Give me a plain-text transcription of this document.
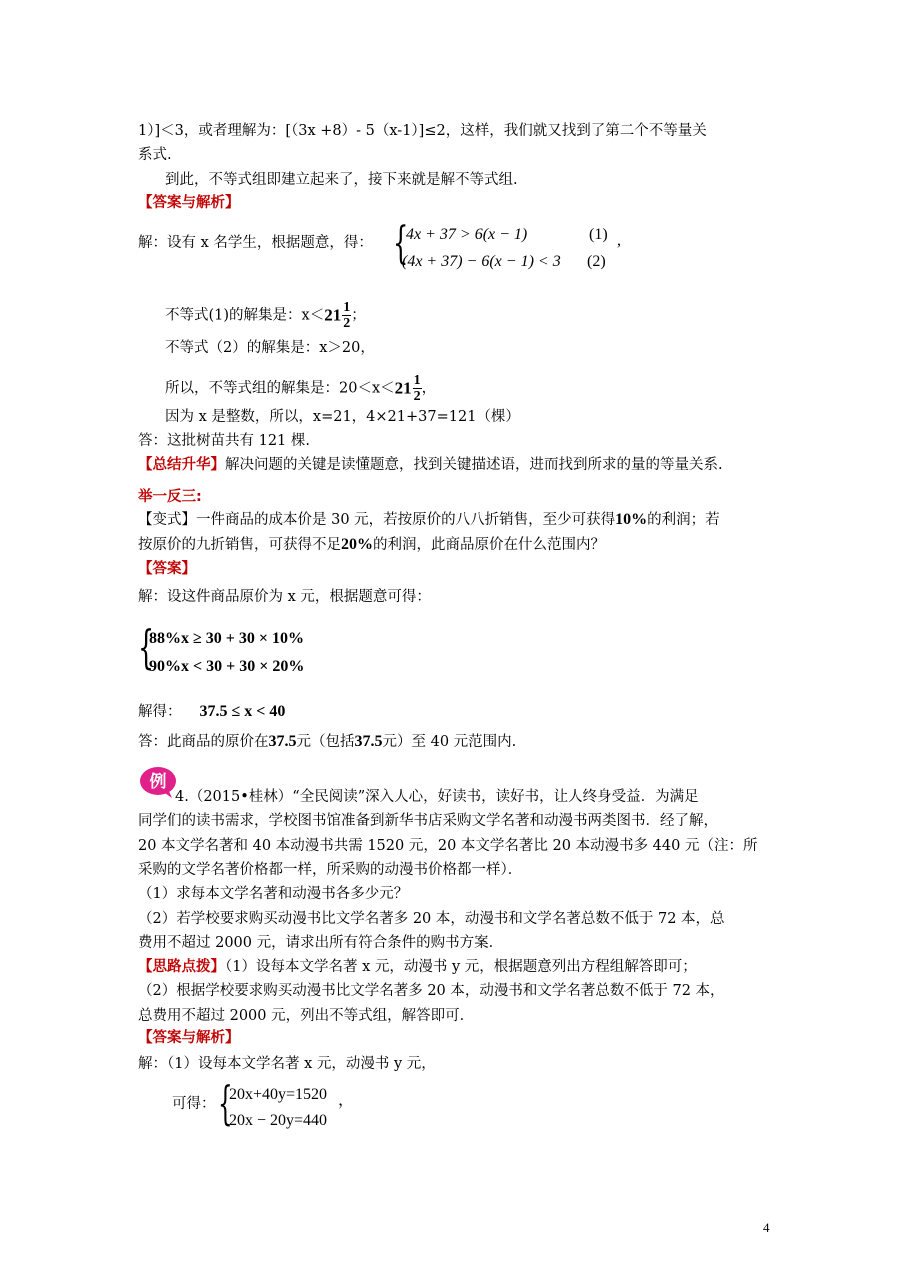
1）]＜3，或者理解为：[（3x +8）- 5（x-1）]≤2，这样，我们就又找到了第二个不等量关
系式.
到此，不等式组即建立起来了，接下来就是解不等式组.
【答案与解析】
解：设有 x 名学生，根据题意，得： {
4x + 37 > 6(x − 1)	(1) ,
(4x + 37) − 6(x − 1) < 3 (2)
不等式(1)的解集是：$x<21 \frac{1}{2}$ ；
不等式（2）的解集是：x＞20，
所以，不等式组的解集是：$20<x<21 \frac{1}{2}$ ，
因为 x 是整数，所以，x=21，4×21+37=121（棵）
答：这批树苗共有 121 棵.
【总结升华】解决问题的关键是读懂题意，找到关键描述语，进而找到所求的量的等量关系.
举一反三:
【变式】一件商品的成本价是 30 元，若按原价的八八折销售，至少可获得10%的利润；若
按原价的九折销售，可获得不足20%的利润，此商品原价在什么范围内？
【答案】
解：设这件商品原价为 x 元，根据题意可得：
{
88%x ≥ 30 + 30 × 10%
90%x < 30 + 30 × 20%
解得： 37.5 ≤ x < 40
答：此商品的原价在37.5元（包括37.5元）至 40 元范围内.
例
4.（2015•桂林）“全民阅读”深入人心，好读书，读好书，让人终身受益．为满足
同学们的读书需求，学校图书馆准备到新华书店采购文学名著和动漫书两类图书．经了解，
20 本文学名著和 40 本动漫书共需 1520 元，20 本文学名著比 20 本动漫书多 440 元（注：所
采购的文学名著价格都一样，所采购的动漫书价格都一样）．
（1）求每本文学名著和动漫书各多少元？
（2）若学校要求购买动漫书比文学名著多 20 本，动漫书和文学名著总数不低于 72 本，总
费用不超过 2000 元，请求出所有符合条件的购书方案．
【思路点拨】（1）设每本文学名著 x 元，动漫书 y 元，根据题意列出方程组解答即可；
（2）根据学校要求购买动漫书比文学名著多 20 本，动漫书和文学名著总数不低于 72 本，
总费用不超过 2000 元，列出不等式组，解答即可．
【答案与解析】
解：（1）设每本文学名著 x 元，动漫书 y 元，
可得： {
20x+40y=1520 ，
20x − 20y=440
4
